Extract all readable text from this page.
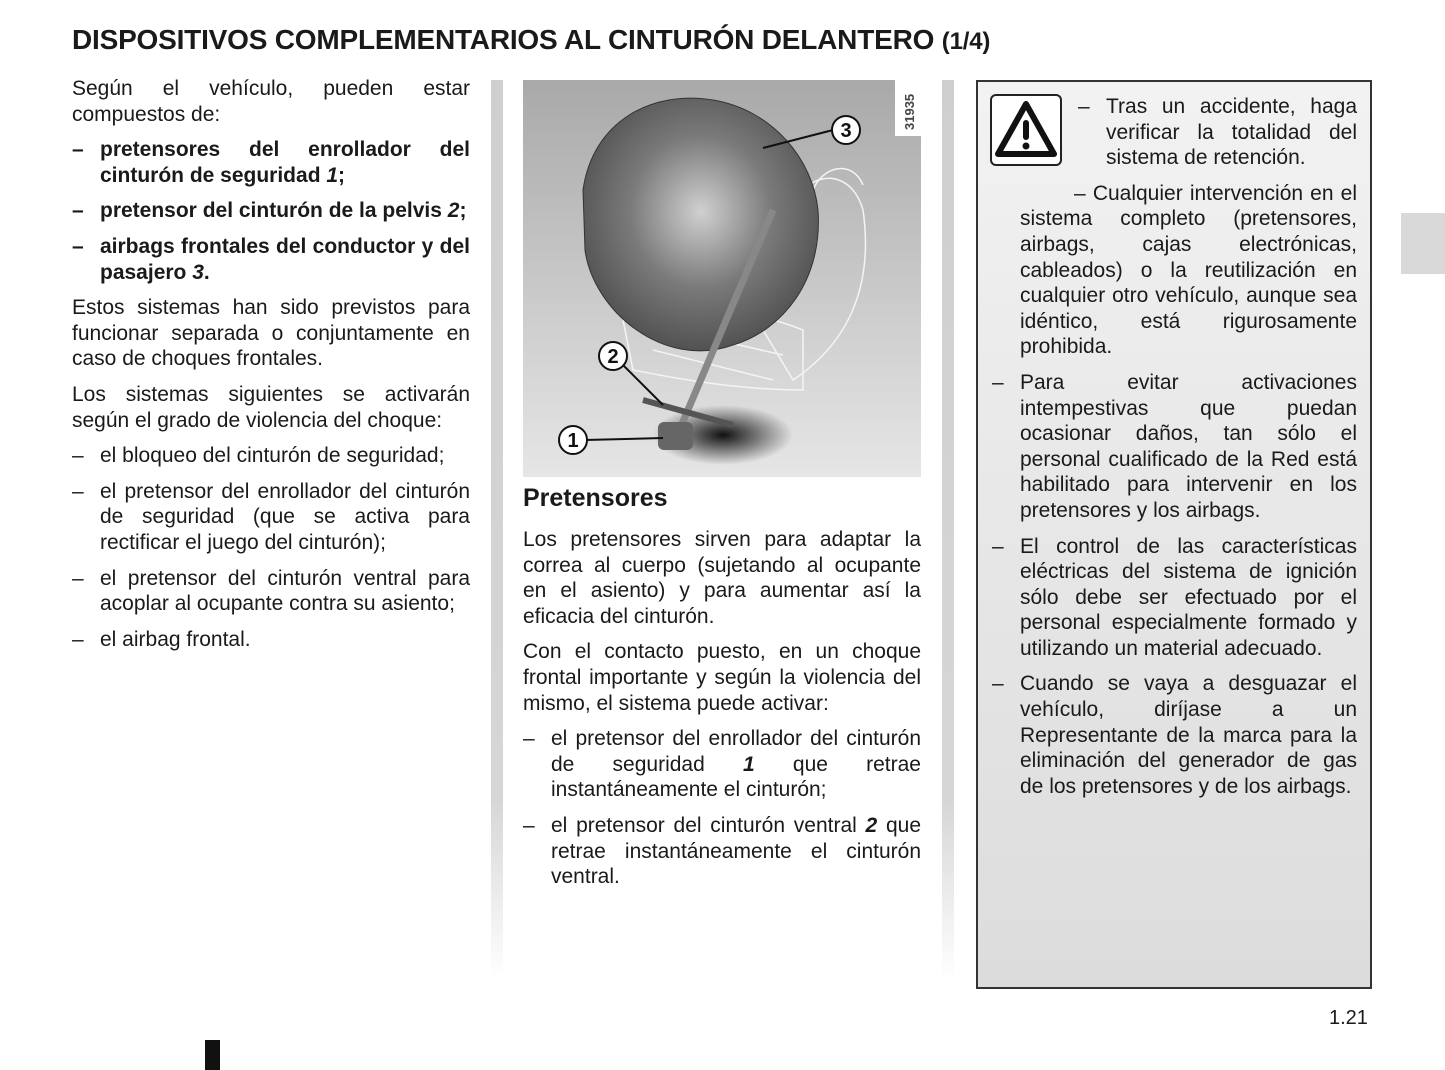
DISPOSITIVOS COMPLEMENTARIOS AL CINTURÓN DELANTERO (1/4)

Según el vehículo, pueden estar compuestos de:

– pretensores del enrollador del cinturón de seguridad 1;
– pretensor del cinturón de la pelvis 2;
– airbags frontales del conductor y del pasajero 3.

Estos sistemas han sido previstos para funcionar separada o conjuntamente en caso de choques frontales.

Los sistemas siguientes se activarán según el grado de violencia del choque:

– el bloqueo del cinturón de seguridad;
– el pretensor del enrollador del cinturón de seguridad (que se activa para rectificar el juego del cinturón);
– el pretensor del cinturón ventral para acoplar al ocupante contra su asiento;
– el airbag frontal.
31935
1
2
3
Pretensores

Los pretensores sirven para adaptar la correa al cuerpo (sujetando al ocupante en el asiento) y para aumentar así la eficacia del cinturón.

Con el contacto puesto, en un choque frontal importante y según la violencia del mismo, el sistema puede activar:

– el pretensor del enrollador del cinturón de seguridad 1 que retrae instantáneamente el cinturón;
– el pretensor del cinturón ventral 2 que retrae instantáneamente el cinturón ventral.
– Tras un accidente, haga verificar la totalidad del sistema de retención.
– Cualquier intervención en el sistema completo (pretensores, airbags, cajas electrónicas, cableados) o la reutilización en cualquier otro vehículo, aunque sea idéntico, está rigurosamente prohibida.
– Para evitar activaciones intempestivas que puedan ocasionar daños, tan sólo el personal cualificado de la Red está habilitado para intervenir en los pretensores y los airbags.
– El control de las características eléctricas del sistema de ignición sólo debe ser efectuado por el personal especialmente formado y utilizando un material adecuado.
– Cuando se vaya a desguazar el vehículo, diríjase a un Representante de la marca para la eliminación del generador de gas de los pretensores y de los airbags.
1.21
